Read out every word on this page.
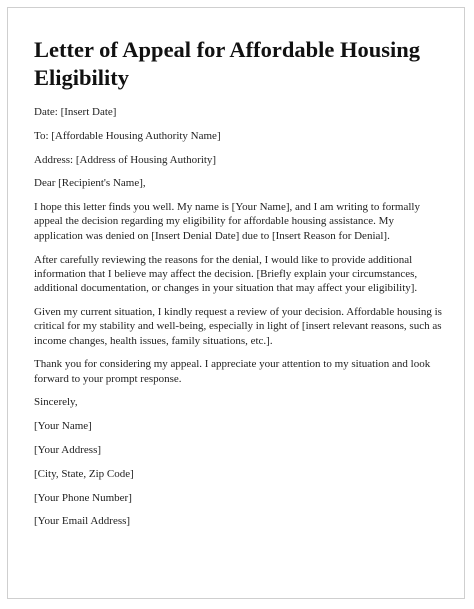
Letter of Appeal for Affordable Housing Eligibility

Date: [Insert Date]

To: [Affordable Housing Authority Name]

Address: [Address of Housing Authority]

Dear [Recipient's Name],

I hope this letter finds you well. My name is [Your Name], and I am writing to formally appeal the decision regarding my eligibility for affordable housing assistance. My application was denied on [Insert Denial Date] due to [Insert Reason for Denial].

After carefully reviewing the reasons for the denial, I would like to provide additional information that I believe may affect the decision. [Briefly explain your circumstances, additional documentation, or changes in your situation that may affect your eligibility].

Given my current situation, I kindly request a review of your decision. Affordable housing is critical for my stability and well-being, especially in light of [insert relevant reasons, such as income changes, health issues, family situations, etc.].

Thank you for considering my appeal. I appreciate your attention to my situation and look forward to your prompt response.

Sincerely,

[Your Name]

[Your Address]

[City, State, Zip Code]

[Your Phone Number]

[Your Email Address]
